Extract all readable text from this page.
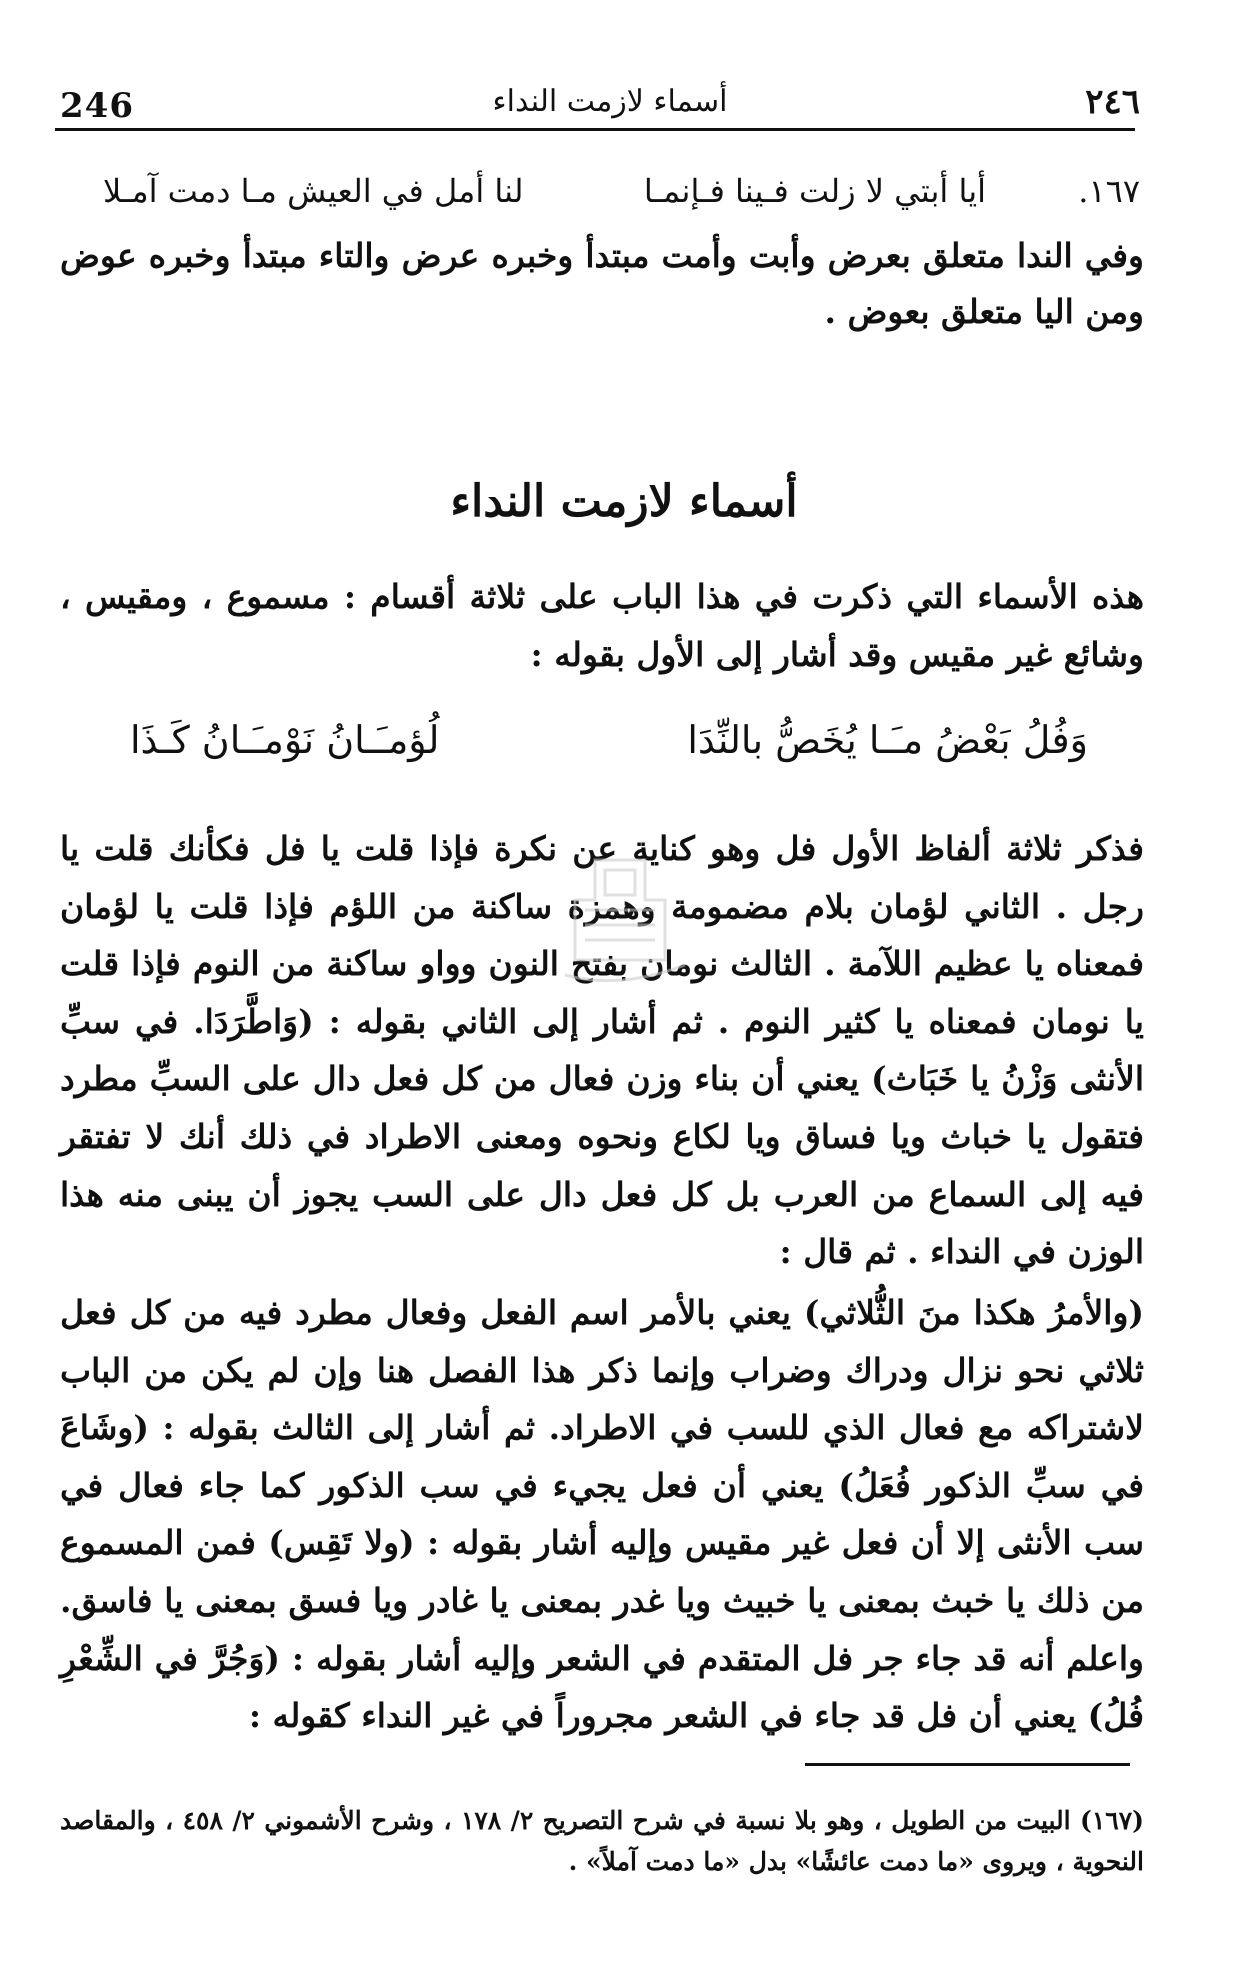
246	أسماء لازمت النداء	٢٤٦
١٦٧.
أيا أبتي لا زلت فـينا فـإنمـا
لنا أمل في العيش مـا دمت آمـلا
وفي الندا متعلق بعرض وأبت وأمت مبتدأ وخبره عرض والتاء مبتدأ وخبره عوض ومن اليا متعلق بعوض .
أسماء لازمت النداء
هذه الأسماء التي ذكرت في هذا الباب على ثلاثة أقسام : مسموع ، ومقيس ، وشائع غير مقيس وقد أشار إلى الأول بقوله :
وَفُلُ بَعْضُ مـَـا يُخَصُّ بالنِّدَا
لُؤمـَـانُ نَوْمـَـانُ كَـذَا
فذكر ثلاثة ألفاظ الأول فل وهو كناية عن نكرة فإذا قلت يا فل فكأنك قلت يا رجل . الثاني لؤمان بلام مضمومة وهمزة ساكنة من اللؤم فإذا قلت يا لؤمان فمعناه يا عظيم اللآمة . الثالث نومان بفتح النون وواو ساكنة من النوم فإذا قلت يا نومان فمعناه يا كثير النوم . ثم أشار إلى الثاني بقوله : (وَاطَّرَدَا. في سبِّ الأنثى وَزْنُ يا خَبَاث) يعني أن بناء وزن فعال من كل فعل دال على السبِّ مطرد فتقول يا خباث ويا فساق ويا لكاع ونحوه ومعنى الاطراد في ذلك أنك لا تفتقر فيه إلى السماع من العرب بل كل فعل دال على السب يجوز أن يبنى منه هذا الوزن في النداء . ثم قال :
(والأمرُ هكذا منَ الثُّلاثي) يعني بالأمر اسم الفعل وفعال مطرد فيه من كل فعل ثلاثي نحو نزال ودراك وضراب وإنما ذكر هذا الفصل هنا وإن لم يكن من الباب لاشتراكه مع فعال الذي للسب في الاطراد. ثم أشار إلى الثالث بقوله : (وشَاعَ في سبِّ الذكور فُعَلُ) يعني أن فعل يجيء في سب الذكور كما جاء فعال في سب الأنثى إلا أن فعل غير مقيس وإليه أشار بقوله : (ولا تَقِس) فمن المسموع من ذلك يا خبث بمعنى يا خبيث ويا غدر بمعنى يا غادر ويا فسق بمعنى يا فاسق. واعلم أنه قد جاء جر فل المتقدم في الشعر وإليه أشار بقوله : (وَجُرَّ في الشِّعْرِ فُلُ) يعني أن فل قد جاء في الشعر مجروراً في غير النداء كقوله :
(١٦٧) البيت من الطويل ، وهو بلا نسبة في شرح التصريح ٢/ ١٧٨ ، وشرح الأشموني ٢/ ٤٥٨ ، والمقاصد النحوية ، ويروى «ما دمت عائشًا» بدل «ما دمت آملاً» .
